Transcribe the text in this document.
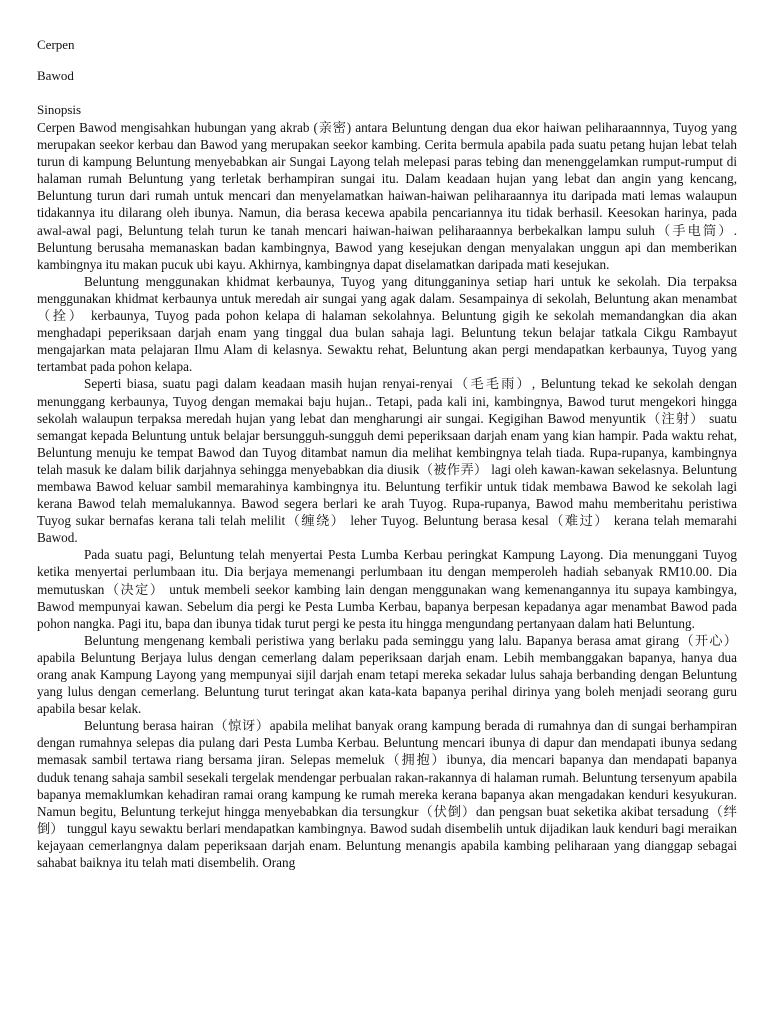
Cerpen
Bawod
Sinopsis

Cerpen Bawod mengisahkan hubungan yang akrab (亲密) antara Beluntung dengan dua ekor haiwan peliharaannnya, Tuyog yang merupakan seekor kerbau dan Bawod yang merupakan seekor kambing. Cerita bermula apabila pada suatu petang hujan lebat telah turun di kampung Beluntung menyebabkan air Sungai Layong telah melepasi paras tebing dan menenggelamkan rumput-rumput di halaman rumah Beluntung yang terletak berhampiran sungai itu. Dalam keadaan hujan yang lebat dan angin yang kencang, Beluntung turun dari rumah untuk mencari dan menyelamatkan haiwan-haiwan peliharaannya itu daripada mati lemas walaupun tidakannya itu dilarang oleh ibunya. Namun, dia berasa kecewa apabila pencariannya itu tidak berhasil. Keesokan harinya, pada awal-awal pagi, Beluntung telah turun ke tanah mencari haiwan-haiwan peliharaannya berbekalkan lampu suluh（手电筒）. Beluntung berusaha memanaskan badan kambingnya, Bawod yang kesejukan dengan menyalakan unggun api dan memberikan kambingnya itu makan pucuk ubi kayu. Akhirnya, kambingnya dapat diselamatkan daripada mati kesejukan.

Beluntung menggunakan khidmat kerbaunya, Tuyog yang ditungganinya setiap hari untuk ke sekolah. Dia terpaksa menggunakan khidmat kerbaunya untuk meredah air sungai yang agak dalam. Sesampainya di sekolah, Beluntung akan menambat（拴） kerbaunya, Tuyog pada pohon kelapa di halaman sekolahnya. Beluntung gigih ke sekolah memandangkan dia akan menghadapi peperiksaan darjah enam yang tinggal dua bulan sahaja lagi. Beluntung tekun belajar tatkala Cikgu Rambayut mengajarkan mata pelajaran Ilmu Alam di kelasnya. Sewaktu rehat, Beluntung akan pergi mendapatkan kerbaunya, Tuyog yang tertambat pada pohon kelapa.

Seperti biasa, suatu pagi dalam keadaan masih hujan renyai-renyai（毛毛雨）, Beluntung tekad ke sekolah dengan menunggang kerbaunya, Tuyog dengan memakai baju hujan.. Tetapi, pada kali ini, kambingnya, Bawod turut mengekori hingga sekolah walaupun terpaksa meredah hujan yang lebat dan mengharungi air sungai. Kegigihan Bawod menyuntik（注射） suatu semangat kepada Beluntung untuk belajar bersungguh-sungguh demi peperiksaan darjah enam yang kian hampir. Pada waktu rehat, Beluntung menuju ke tempat Bawod dan Tuyog ditambat namun dia melihat kembingnya telah tiada. Rupa-rupanya, kambingnya telah masuk ke dalam bilik darjahnya sehingga menyebabkan dia diusik（被作弄） lagi oleh kawan-kawan sekelasnya. Beluntung membawa Bawod keluar sambil memarahinya kambingnya itu. Beluntung terfikir untuk tidak membawa Bawod ke sekolah lagi kerana Bawod telah memalukannya. Bawod segera berlari ke arah Tuyog. Rupa-rupanya, Bawod mahu memberitahu peristiwa Tuyog sukar bernafas kerana tali telah melilit（缠绕） leher Tuyog. Beluntung berasa kesal（难过） kerana telah memarahi Bawod.

Pada suatu pagi, Beluntung telah menyertai Pesta Lumba Kerbau peringkat Kampung Layong. Dia menunggani Tuyog ketika menyertai perlumbaan itu. Dia berjaya memenangi perlumbaan itu dengan memperoleh hadiah sebanyak RM10.00. Dia memutuskan（决定） untuk membeli seekor kambing lain dengan menggunakan wang kemenangannya itu supaya kambingya, Bawod mempunyai kawan. Sebelum dia pergi ke Pesta Lumba Kerbau, bapanya berpesan kepadanya agar menambat Bawod pada pohon nangka. Pagi itu, bapa dan ibunya tidak turut pergi ke pesta itu hingga mengundang pertanyaan dalam hati Beluntung.

Beluntung mengenang kembali peristiwa yang berlaku pada seminggu yang lalu. Bapanya berasa amat girang（开心） apabila Beluntung Berjaya lulus dengan cemerlang dalam peperiksaan darjah enam. Lebih membanggakan bapanya, hanya dua orang anak Kampung Layong yang mempunyai sijil darjah enam tetapi mereka sekadar lulus sahaja berbanding dengan Beluntung yang lulus dengan cemerlang. Beluntung turut teringat akan kata-kata bapanya perihal dirinya yang boleh menjadi seorang guru apabila besar kelak.

Beluntung berasa hairan（惊讶）apabila melihat banyak orang kampung berada di rumahnya dan di sungai berhampiran dengan rumahnya selepas dia pulang dari Pesta Lumba Kerbau. Beluntung mencari ibunya di dapur dan mendapati ibunya sedang memasak sambil tertawa riang bersama jiran. Selepas memeluk（拥抱）ibunya, dia mencari bapanya dan mendapati bapanya duduk tenang sahaja sambil sesekali tergelak mendengar perbualan rakan-rakannya di halaman rumah. Beluntung tersenyum apabila bapanya memaklumkan kehadiran ramai orang kampung ke rumah mereka kerana bapanya akan mengadakan kenduri kesyukuran. Namun begitu, Beluntung terkejut hingga menyebabkan dia tersungkur（伏倒）dan pengsan buat seketika akibat tersadung（绊倒） tunggul kayu sewaktu berlari mendapatkan kambingnya. Bawod sudah disembelih untuk dijadikan lauk kenduri bagi meraikan kejayaan cemerlangnya dalam peperiksaan darjah enam. Beluntung menangis apabila kambing peliharaan yang dianggap sebagai sahabat baiknya itu telah mati disembelih. Orang
